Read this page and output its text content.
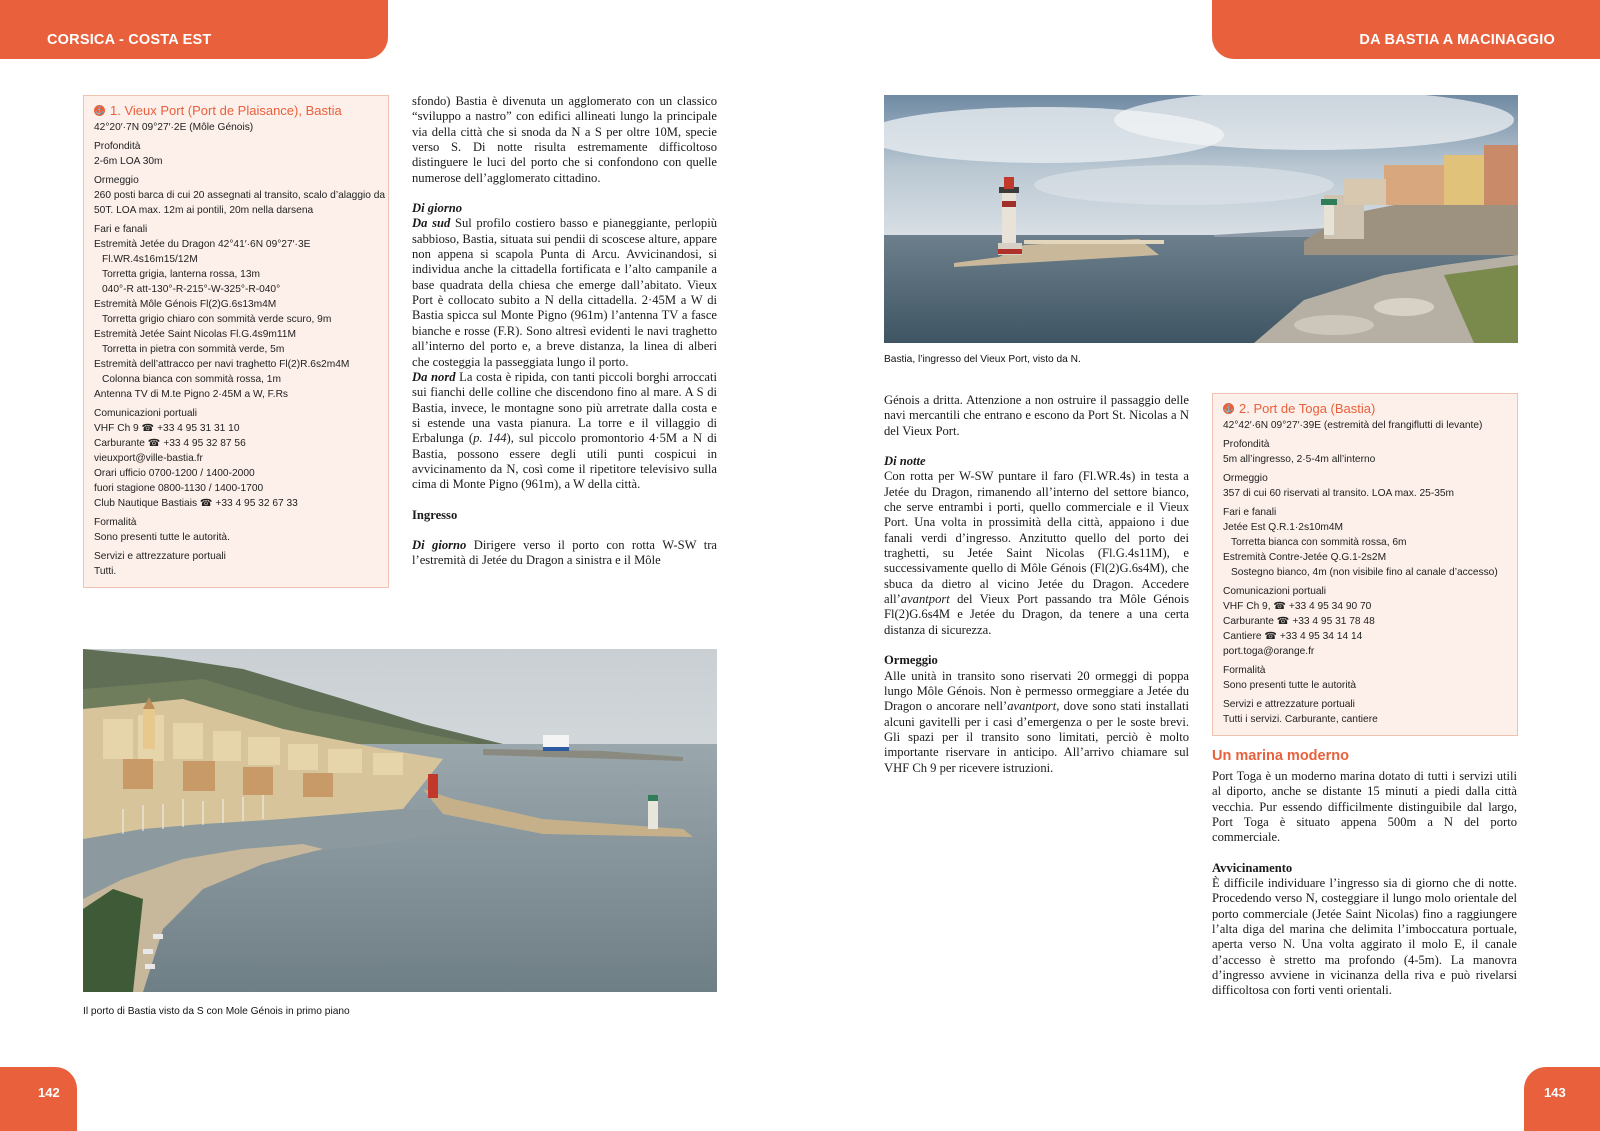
CORSICA - COSTA EST	DA BASTIA A MACINAGGIO
⚓ 1. Vieux Port (Port de Plaisance), Bastia
42°20′·7N 09°27′·2E (Môle Génois)
Profondità
2-6m LOA 30m
Ormeggio
260 posti barca di cui 20 assegnati al transito, scalo d’alaggio da
50T. LOA max. 12m ai pontili, 20m nella darsena
Fari e fanali
Estremità Jetée du Dragon 42°41′·6N 09°27′·3E
Fl.WR.4s16m15/12M
Torretta grigia, lanterna rossa, 13m
040°-R att-130°-R-215°-W-325°-R-040°
Estremità Môle Génois Fl(2)G.6s13m4M
Torretta grigio chiaro con sommità verde scuro, 9m
Estremità Jetée Saint Nicolas Fl.G.4s9m11M
Torretta in pietra con sommità verde, 5m
Estremità dell’attracco per navi traghetto Fl(2)R.6s2m4M
Colonna bianca con sommità rossa, 1m
Antenna TV di M.te Pigno 2·45M a W, F.Rs
Comunicazioni portuali
VHF Ch 9 ☎ +33 4 95 31 31 10
Carburante ☎ +33 4 95 32 87 56
vieuxport@ville-bastia.fr
Orari ufficio 0700-1200 / 1400-2000
fuori stagione 0800-1130 / 1400-1700
Club Nautique Bastiais ☎ +33 4 95 32 67 33
Formalità
Sono presenti tutte le autorità.
Servizi e attrezzature portuali
Tutti.
⚓ 2. Port de Toga (Bastia)
42°42′·6N 09°27′·39E (estremità del frangiflutti di levante)
Profondità
5m all’ingresso, 2·5-4m all’interno
Ormeggio
357 di cui 60 riservati al transito. LOA max. 25-35m
Fari e fanali
Jetée Est Q.R.1·2s10m4M
Torretta bianca con sommità rossa, 6m
Estremità Contre-Jetée Q.G.1-2s2M
Sostegno bianco, 4m (non visibile fino al canale d’accesso)
Comunicazioni portuali
VHF Ch 9, ☎ +33 4 95 34 90 70
Carburante ☎ +33 4 95 31 78 48
Cantiere ☎ +33 4 95 34 14 14
port.toga@orange.fr
Formalità
Sono presenti tutte le autorità
Servizi e attrezzature portuali
Tutti i servizi. Carburante, cantiere

sfondo) Bastia è divenuta un agglomerato con un classico “sviluppo a nastro” con edifici allineati lungo la principale via della città che si snoda da N a S per oltre 10M, specie verso S. Di notte risulta estremamente difficoltoso distinguere le luci del porto che si confondono con quelle numerose dell’agglomerato cittadino.

Di giorno

Da sud Sul profilo costiero basso e pianeggiante, perlopiù sabbioso, Bastia, situata sui pendii di scoscese alture, appare non appena si scapola Punta di Arcu. Avvicinandosi, si individua anche la cittadella fortificata e l’alto campanile a base quadrata della chiesa che emerge dall’abitato. Vieux Port è collocato subito a N della cittadella. 2·45M a W di Bastia spicca sul Monte Pigno (961m) l’antenna TV a fasce bianche e rosse (F.R). Sono altresì evidenti le navi traghetto all’interno del porto e, a breve distanza, la linea di alberi che costeggia la passeggiata lungo il porto.

Da nord La costa è ripida, con tanti piccoli borghi arroccati sui fianchi delle colline che discendono fino al mare. A S di Bastia, invece, le montagne sono più arretrate dalla costa e si estende una vasta pianura. La torre e il villaggio di Erbalunga (p. 144), sul piccolo promontorio 4·5M a N di Bastia, possono essere degli utili punti cospicui in avvicinamento da N, così come il ripetitore televisivo sulla cima di Monte Pigno (961m), a W della città.

Ingresso

Di giorno Dirigere verso il porto con rotta W-SW tra l’estremità di Jetée du Dragon a sinistra e il Môle

Génois a dritta. Attenzione a non ostruire il passaggio delle navi mercantili che entrano e escono da Port St. Nicolas a N del Vieux Port.

Di notte

Con rotta per W-SW puntare il faro (Fl.WR.4s) in testa a Jetée du Dragon, rimanendo all’interno del settore bianco, che serve entrambi i porti, quello commerciale e il Vieux Port. Una volta in prossimità della città, appaiono i due fanali verdi d’ingresso. Anzitutto quello del porto dei traghetti, su Jetée Saint Nicolas (Fl.G.4s11M), e successivamente quello di Môle Génois (Fl(2)G.6s4M), che sbuca da dietro al vicino Jetée du Dragon. Accedere all’avantport del Vieux Port passando tra Môle Génois Fl(2)G.6s4M e Jetée du Dragon, da tenere a una certa distanza di sicurezza.

Ormeggio

Alle unità in transito sono riservati 20 ormeggi di poppa lungo Môle Génois. Non è permesso ormeggiare a Jetée du Dragon o ancorare nell’avantport, dove sono stati installati alcuni gavitelli per i casi d’emergenza o per le soste brevi. Gli spazi per il transito sono limitati, perciò è molto importante riservare in anticipo. All’arrivo chiamare sul VHF Ch 9 per ricevere istruzioni.

Un marina moderno

Port Toga è un moderno marina dotato di tutti i servizi utili al diporto, anche se distante 15 minuti a piedi dalla città vecchia. Pur essendo difficilmente distinguibile dal largo, Port Toga è situato appena 500m a N del porto commerciale.

Avvicinamento

È difficile individuare l’ingresso sia di giorno che di notte. Procedendo verso N, costeggiare il lungo molo orientale del porto commerciale (Jetée Saint Nicolas) fino a raggiungere l’alta diga del marina che delimita l’imboccatura portuale, aperta verso N. Una volta aggirato il molo E, il canale d’accesso è stretto ma profondo (4-5m). La manovra d’ingresso avviene in vicinanza della riva e può rivelarsi difficoltosa con forti venti orientali.

Bastia, l’ingresso del Vieux Port, visto da N.
Il porto di Bastia visto da S con Mole Génois in primo piano
142	143
